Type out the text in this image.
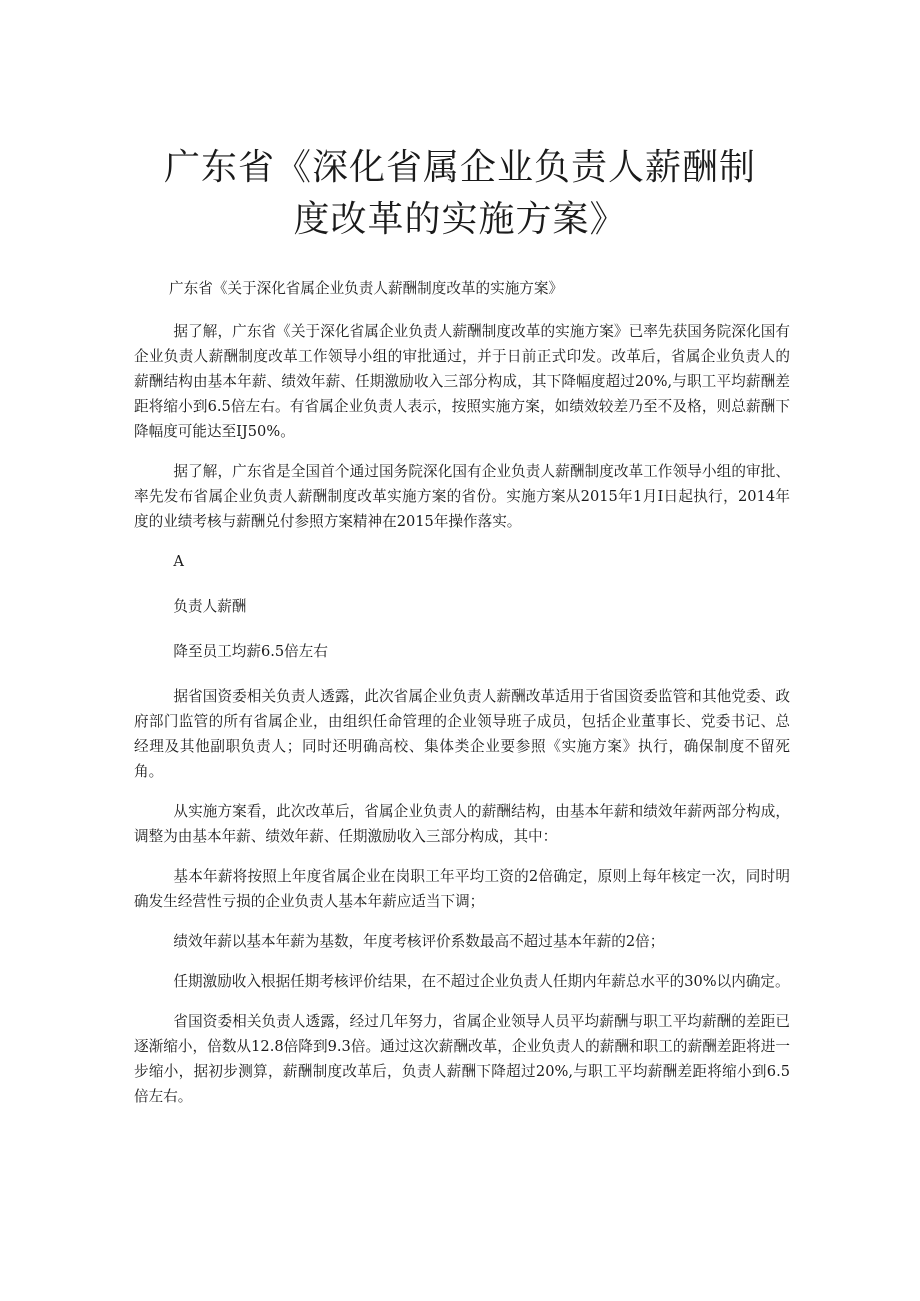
广东省《深化省属企业负责人薪酬制
度改革的实施方案》

广东省《关于深化省属企业负责人薪酬制度改革的实施方案》

据了解，广东省《关于深化省属企业负责人薪酬制度改革的实施方案》已率先获国务院深化国有企业负责人薪酬制度改革工作领导小组的审批通过，并于日前正式印发。改革后，省属企业负责人的薪酬结构由基本年薪、绩效年薪、任期激励收入三部分构成，其下降幅度超过20%,与职工平均薪酬差距将缩小到6.5倍左右。有省属企业负责人表示，按照实施方案，如绩效较差乃至不及格，则总薪酬下降幅度可能达至IJ50%。

据了解，广东省是全国首个通过国务院深化国有企业负责人薪酬制度改革工作领导小组的审批、率先发布省属企业负责人薪酬制度改革实施方案的省份。实施方案从2015年1月I日起执行，2014年度的业绩考核与薪酬兑付参照方案精神在2015年操作落实。

A

负责人薪酬

降至员工均薪6.5倍左右

据省国资委相关负责人透露，此次省属企业负责人薪酬改革适用于省国资委监管和其他党委、政府部门监管的所有省属企业，由组织任命管理的企业领导班子成员，包括企业董事长、党委书记、总经理及其他副职负责人；同时还明确高校、集体类企业要参照《实施方案》执行，确保制度不留死角。

从实施方案看，此次改革后，省属企业负责人的薪酬结构，由基本年薪和绩效年薪两部分构成，调整为由基本年薪、绩效年薪、任期激励收入三部分构成，其中：

基本年薪将按照上年度省属企业在岗职工年平均工资的2倍确定，原则上每年核定一次，同时明确发生经营性亏损的企业负责人基本年薪应适当下调；

绩效年薪以基本年薪为基数，年度考核评价系数最高不超过基本年薪的2倍；

任期激励收入根据任期考核评价结果，在不超过企业负责人任期内年薪总水平的30%以内确定。

省国资委相关负责人透露，经过几年努力，省属企业领导人员平均薪酬与职工平均薪酬的差距已逐渐缩小，倍数从12.8倍降到9.3倍。通过这次薪酬改革，企业负责人的薪酬和职工的薪酬差距将进一步缩小，据初步测算，薪酬制度改革后，负责人薪酬下降超过20%,与职工平均薪酬差距将缩小到6.5倍左右。
